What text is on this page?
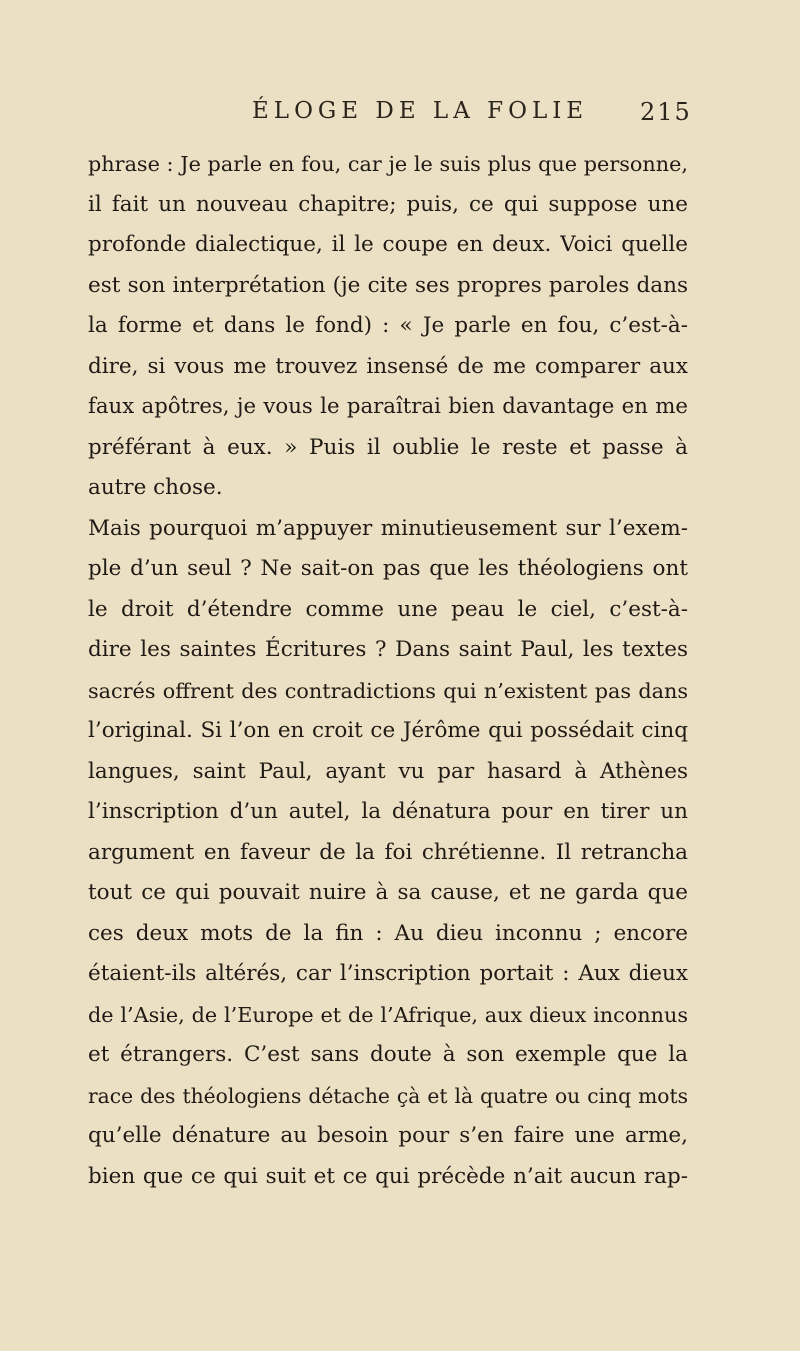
ÉLOGE DE LA FOLIE 215
phrase : Je parle en fou, car je le suis plus que personne,
il fait un nouveau chapitre; puis, ce qui suppose une
profonde dialectique, il le coupe en deux. Voici quelle
est son interprétation (je cite ses propres paroles dans
la forme et dans le fond) : « Je parle en fou, c’est-à-
dire, si vous me trouvez insensé de me comparer aux
faux apôtres, je vous le paraîtrai bien davantage en me
préférant à eux. » Puis il oublie le reste et passe à
autre chose.
Mais pourquoi m’appuyer minutieusement sur l’exem-
ple d’un seul ? Ne sait-on pas que les théologiens ont
le droit d’étendre comme une peau le ciel, c’est-à-
dire les saintes Écritures ? Dans saint Paul, les textes
sacrés offrent des contradictions qui n’existent pas dans
l’original. Si l’on en croit ce Jérôme qui possédait cinq
langues, saint Paul, ayant vu par hasard à Athènes
l’inscription d’un autel, la dénatura pour en tirer un
argument en faveur de la foi chrétienne. Il retrancha
tout ce qui pouvait nuire à sa cause, et ne garda que
ces deux mots de la fin : Au dieu inconnu ; encore
étaient-ils altérés, car l’inscription portait : Aux dieux
de l’Asie, de l’Europe et de l’Afrique, aux dieux inconnus
et étrangers. C’est sans doute à son exemple que la
race des théologiens détache çà et là quatre ou cinq mots
qu’elle dénature au besoin pour s’en faire une arme,
bien que ce qui suit et ce qui précède n’ait aucun rap-
